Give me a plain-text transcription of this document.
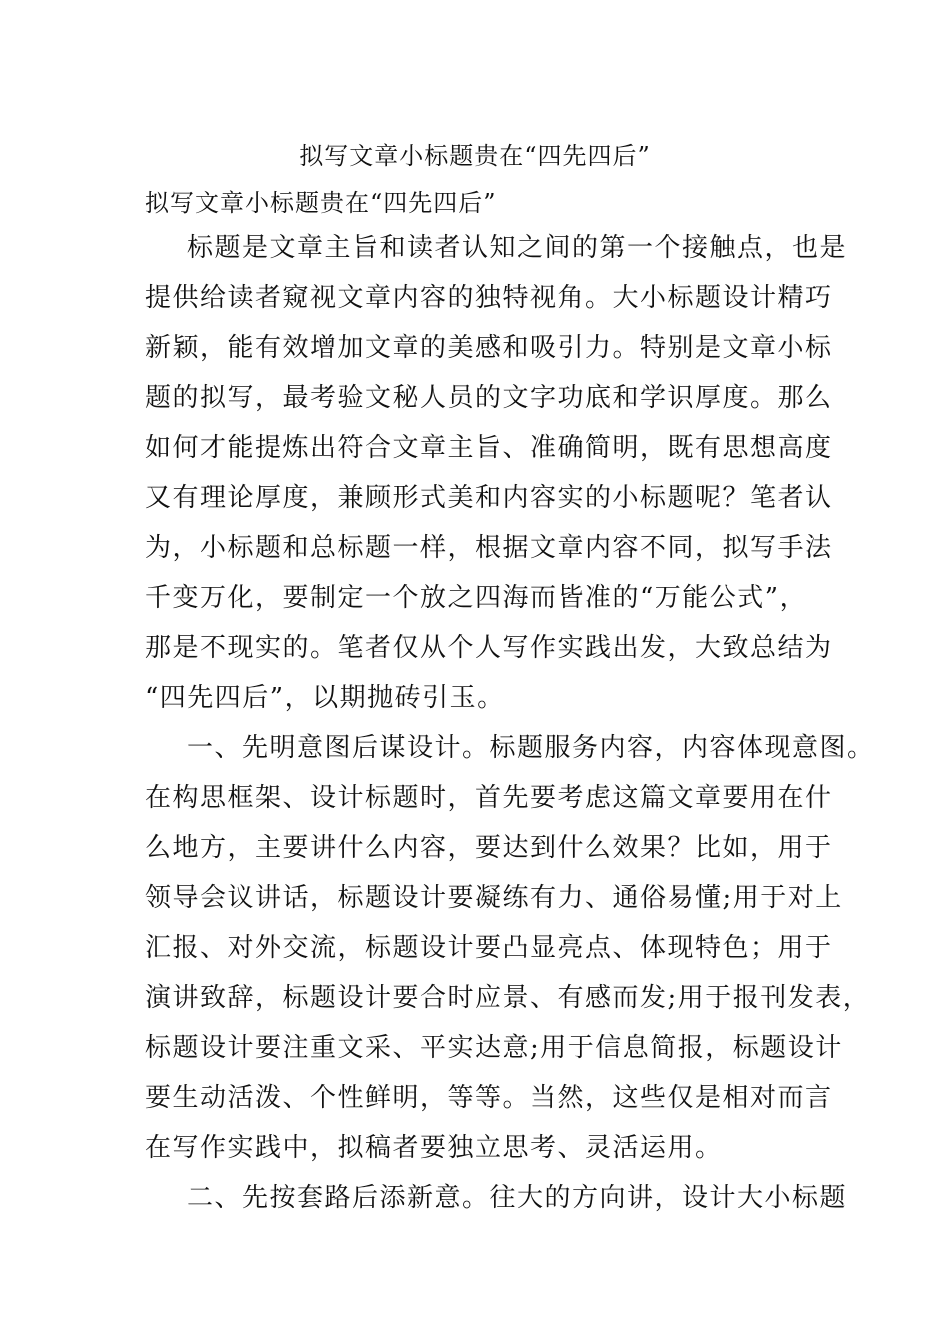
拟写文章小标题贵在“四先四后”
拟写文章小标题贵在“四先四后”
标题是文章主旨和读者认知之间的第一个接触点，也是
提供给读者窥视文章内容的独特视角。大小标题设计精巧
新颖，能有效增加文章的美感和吸引力。特别是文章小标
题的拟写，最考验文秘人员的文字功底和学识厚度。那么
如何才能提炼出符合文章主旨、准确简明，既有思想高度
又有理论厚度，兼顾形式美和内容实的小标题呢？笔者认
为，小标题和总标题一样，根据文章内容不同，拟写手法
千变万化，要制定一个放之四海而皆准的“万能公式”，
那是不现实的。笔者仅从个人写作实践出发，大致总结为
“四先四后”，以期抛砖引玉。
一、先明意图后谋设计。标题服务内容，内容体现意图。
在构思框架、设计标题时，首先要考虑这篇文章要用在什
么地方，主要讲什么内容，要达到什么效果？比如，用于
领导会议讲话，标题设计要凝练有力、通俗易懂;用于对上
汇报、对外交流，标题设计要凸显亮点、体现特色；用于
演讲致辞，标题设计要合时应景、有感而发;用于报刊发表，
标题设计要注重文采、平实达意;用于信息简报，标题设计
要生动活泼、个性鲜明，等等。当然，这些仅是相对而言
在写作实践中，拟稿者要独立思考、灵活运用。
二、先按套路后添新意。往大的方向讲，设计大小标题
